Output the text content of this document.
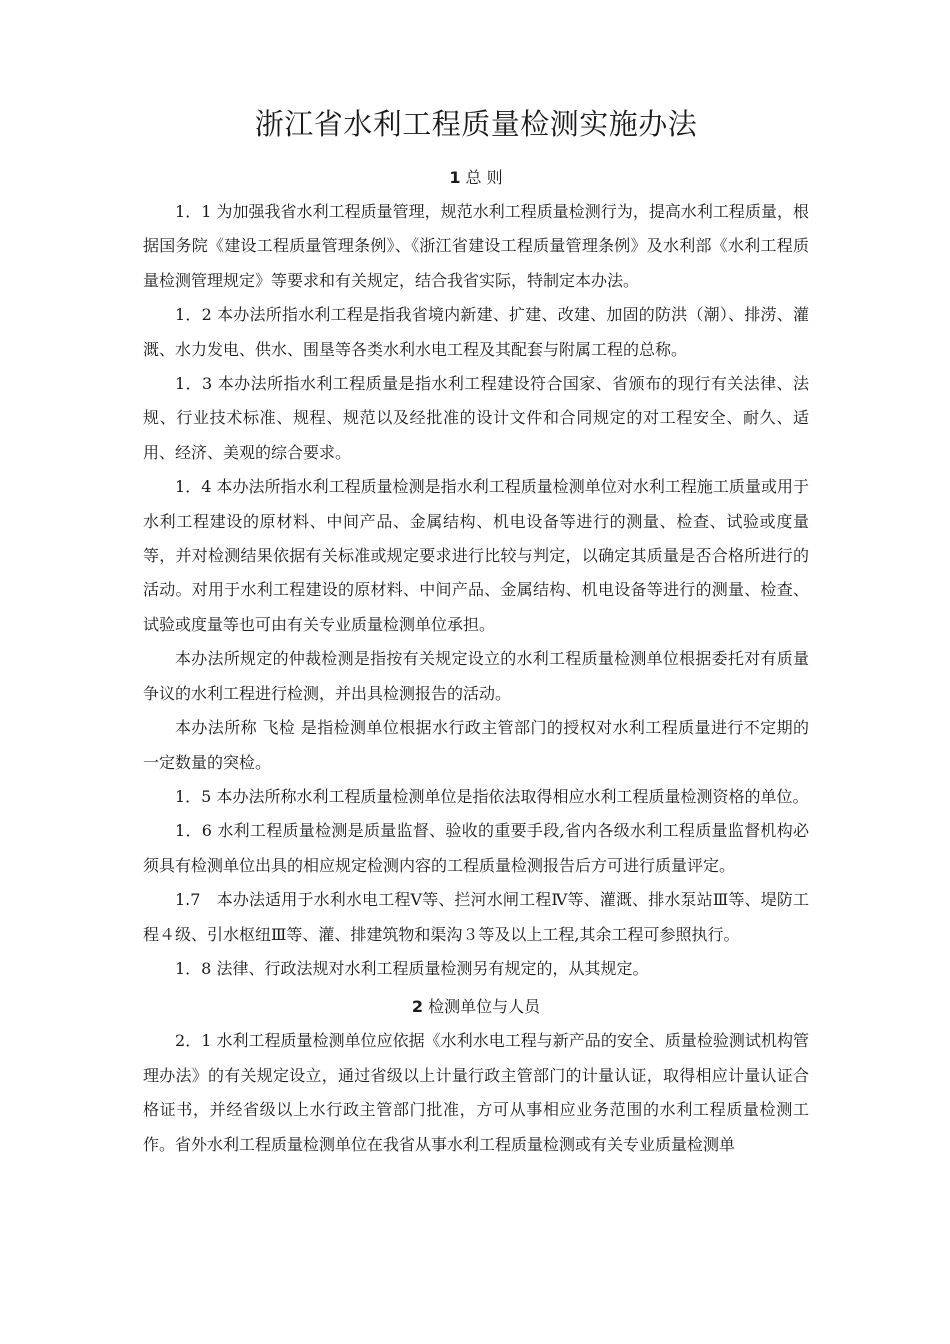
浙江省水利工程质量检测实施办法
1 总 则

1．1 为加强我省水利工程质量管理，规范水利工程质量检测行为，提高水利工程质量，根据国务院《建设工程质量管理条例》、《浙江省建设工程质量管理条例》及水利部《水利工程质量检测管理规定》等要求和有关规定，结合我省实际，特制定本办法。

1．2 本办法所指水利工程是指我省境内新建、扩建、改建、加固的防洪（潮）、排涝、灌溉、水力发电、供水、围垦等各类水利水电工程及其配套与附属工程的总称。

1．3 本办法所指水利工程质量是指水利工程建设符合国家、省颁布的现行有关法律、法规、行业技术标准、规程、规范以及经批准的设计文件和合同规定的对工程安全、耐久、适用、经济、美观的综合要求。

1．4 本办法所指水利工程质量检测是指水利工程质量检测单位对水利工程施工质量或用于水利工程建设的原材料、中间产品、金属结构、机电设备等进行的测量、检查、试验或度量等，并对检测结果依据有关标准或规定要求进行比较与判定，以确定其质量是否合格所进行的活动。对用于水利工程建设的原材料、中间产品、金属结构、机电设备等进行的测量、检查、试验或度量等也可由有关专业质量检测单位承担。

本办法所规定的仲裁检测是指按有关规定设立的水利工程质量检测单位根据委托对有质量争议的水利工程进行检测，并出具检测报告的活动。

本办法所称 飞检 是指检测单位根据水行政主管部门的授权对水利工程质量进行不定期的一定数量的突检。

1．5 本办法所称水利工程质量检测单位是指依法取得相应水利工程质量检测资格的单位。

1．6 水利工程质量检测是质量监督、验收的重要手段,省内各级水利工程质量监督机构必须具有检测单位出具的相应规定检测内容的工程质量检测报告后方可进行质量评定。

1.7　本办法适用于水利水电工程Ⅴ等、拦河水闸工程Ⅳ等、灌溉、排水泵站Ⅲ等、堤防工程４级、引水枢纽Ⅲ等、灌、排建筑物和渠沟３等及以上工程,其余工程可参照执行。

1．8 法律、行政法规对水利工程质量检测另有规定的，从其规定。

2 检测单位与人员

2．1 水利工程质量检测单位应依据《水利水电工程与新产品的安全、质量检验测试机构管理办法》的有关规定设立，通过省级以上计量行政主管部门的计量认证，取得相应计量认证合格证书，并经省级以上水行政主管部门批准，方可从事相应业务范围的水利工程质量检测工作。省外水利工程质量检测单位在我省从事水利工程质量检测或有关专业质量检测单
